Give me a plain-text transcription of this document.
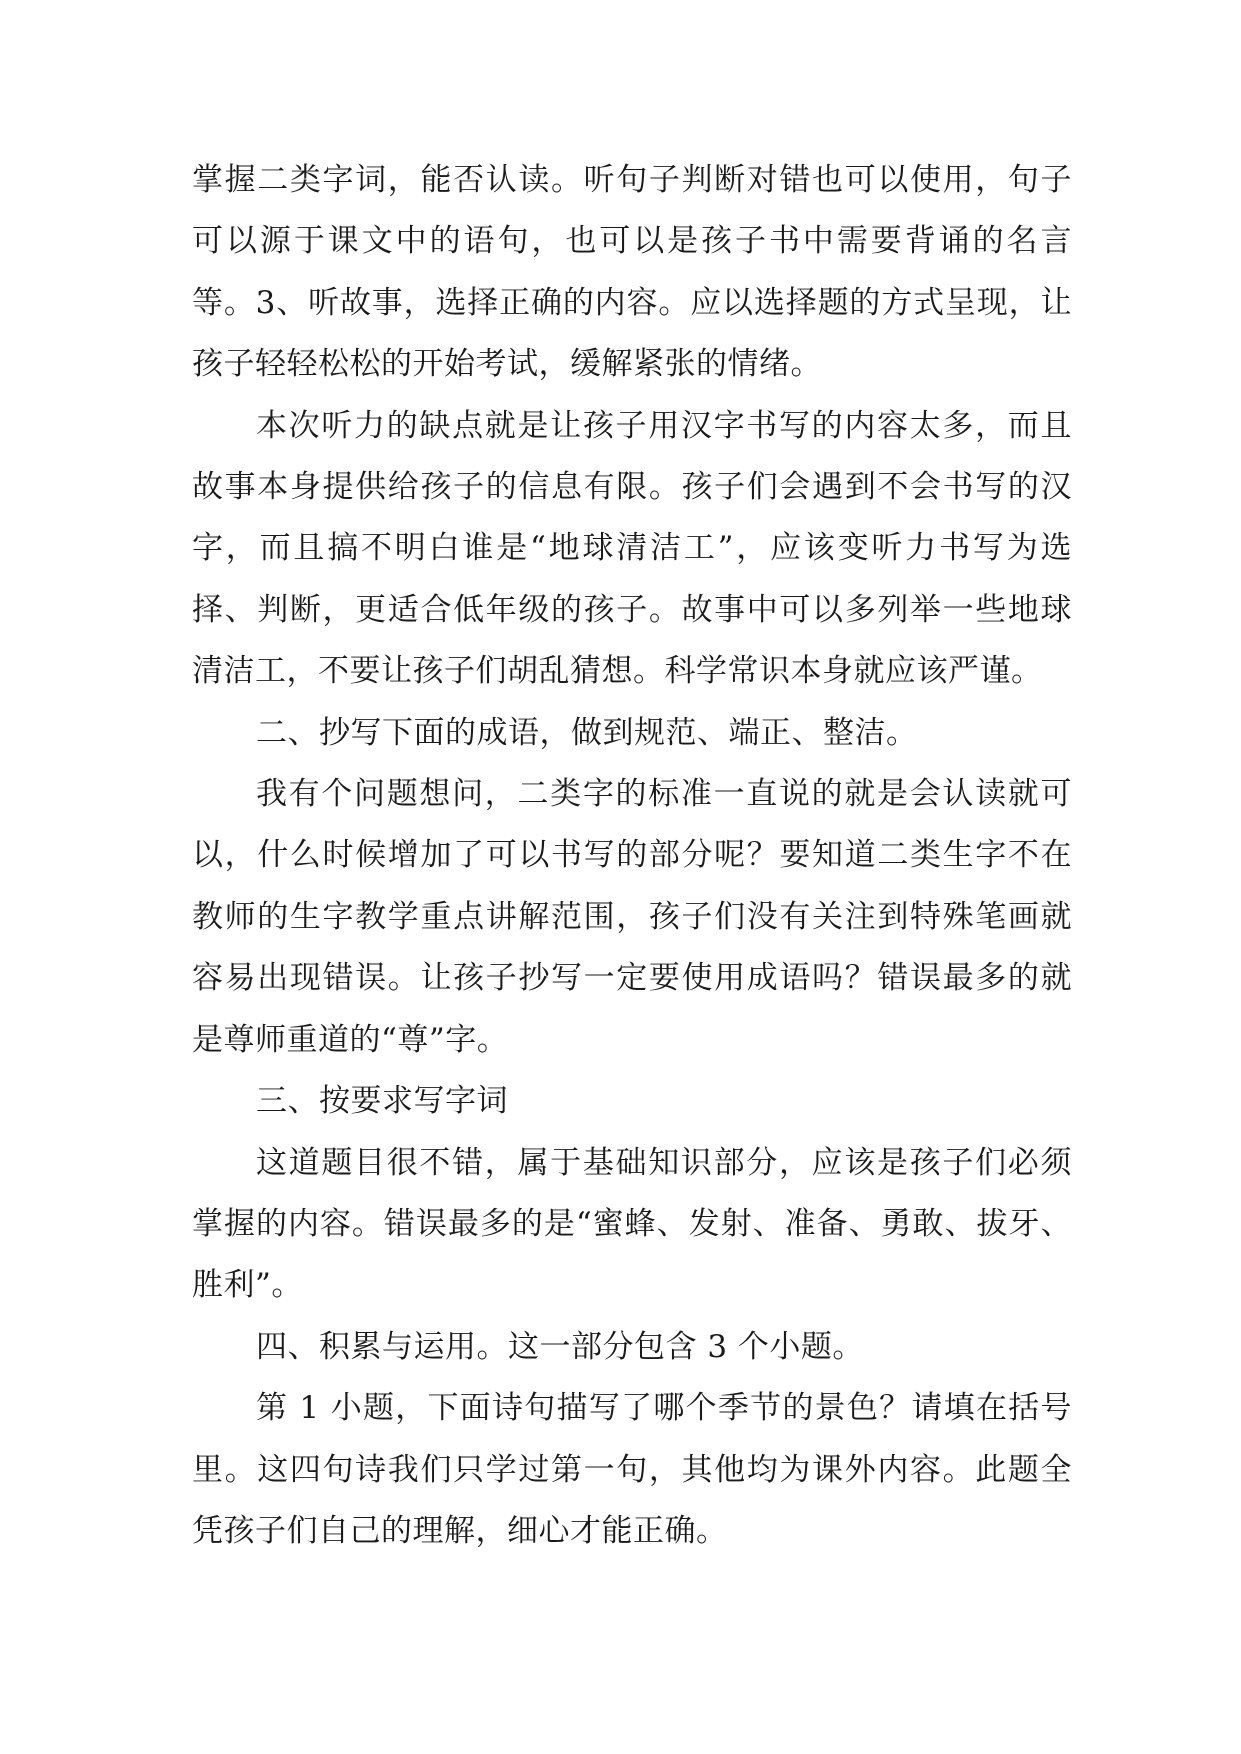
掌握二类字词，能否认读。听句子判断对错也可以使用，句子可以源于课文中的语句，也可以是孩子书中需要背诵的名言等。3、听故事，选择正确的内容。应以选择题的方式呈现，让孩子轻轻松松的开始考试，缓解紧张的情绪。

本次听力的缺点就是让孩子用汉字书写的内容太多，而且故事本身提供给孩子的信息有限。孩子们会遇到不会书写的汉字，而且搞不明白谁是“地球清洁工”，应该变听力书写为选择、判断，更适合低年级的孩子。故事中可以多列举一些地球清洁工，不要让孩子们胡乱猜想。科学常识本身就应该严谨。

二、抄写下面的成语，做到规范、端正、整洁。

我有个问题想问，二类字的标准一直说的就是会认读就可以，什么时候增加了可以书写的部分呢？要知道二类生字不在教师的生字教学重点讲解范围，孩子们没有关注到特殊笔画就容易出现错误。让孩子抄写一定要使用成语吗？错误最多的就是尊师重道的“尊”字。

三、按要求写字词

这道题目很不错，属于基础知识部分，应该是孩子们必须掌握的内容。错误最多的是“蜜蜂、发射、准备、勇敢、拔牙、胜利”。

四、积累与运用。这一部分包含 3 个小题。

第 1 小题，下面诗句描写了哪个季节的景色？请填在括号里。这四句诗我们只学过第一句，其他均为课外内容。此题全凭孩子们自己的理解，细心才能正确。
